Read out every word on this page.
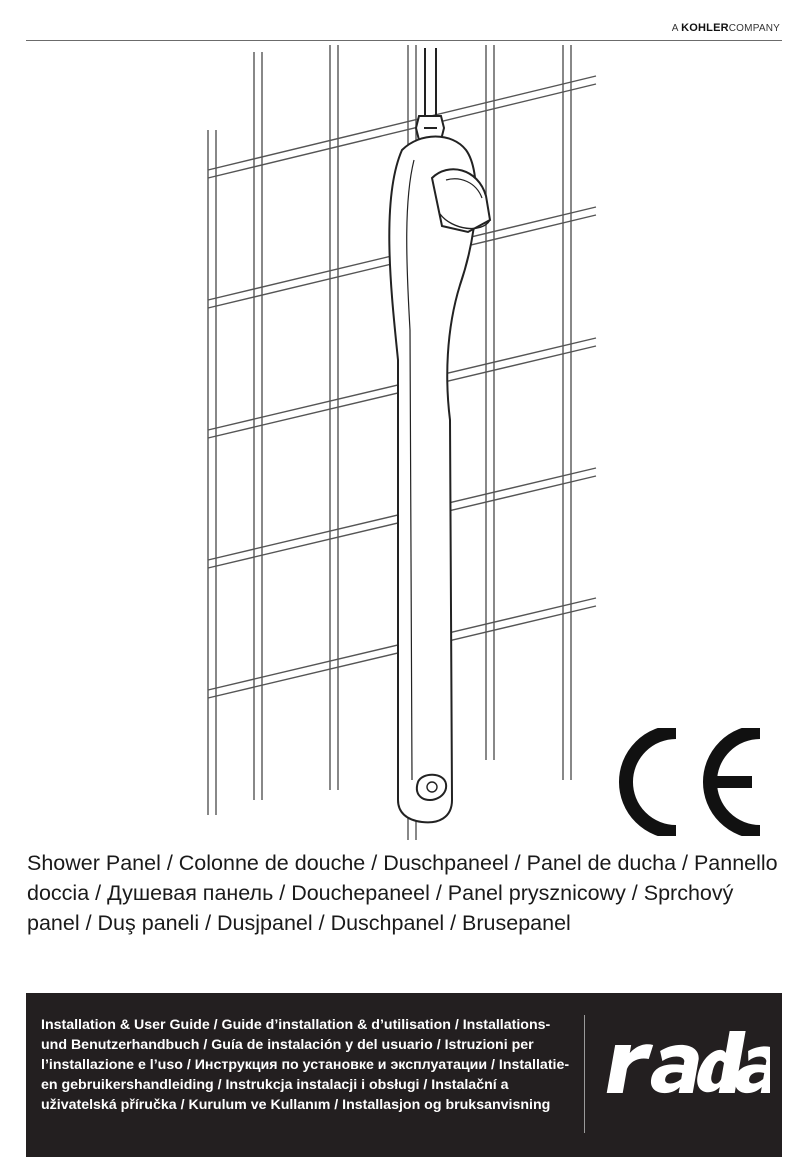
A KOHLERCOMPANY

Shower Panel / Colonne de douche / Duschpaneel / Panel de ducha / Pannello doccia / Душевая панель / Douchepaneel / Panel prysznicowy / Sprchový panel / Duş paneli / Dusjpanel / Duschpanel / Brusepanel

Installation & User Guide / Guide d’installation & d’utilisation / Installations- und Benutzerhandbuch / Guía de instalación y del usuario / Istruzioni per l’installazione e l’uso / Инструкция по установке и эксплуатации / Installatie- en gebruikershandleiding / Instrukcja instalacji i obsługi / Instalační a uživatelská příručka / Kurulum ve Kullanım / Installasjon og bruksanvisning
